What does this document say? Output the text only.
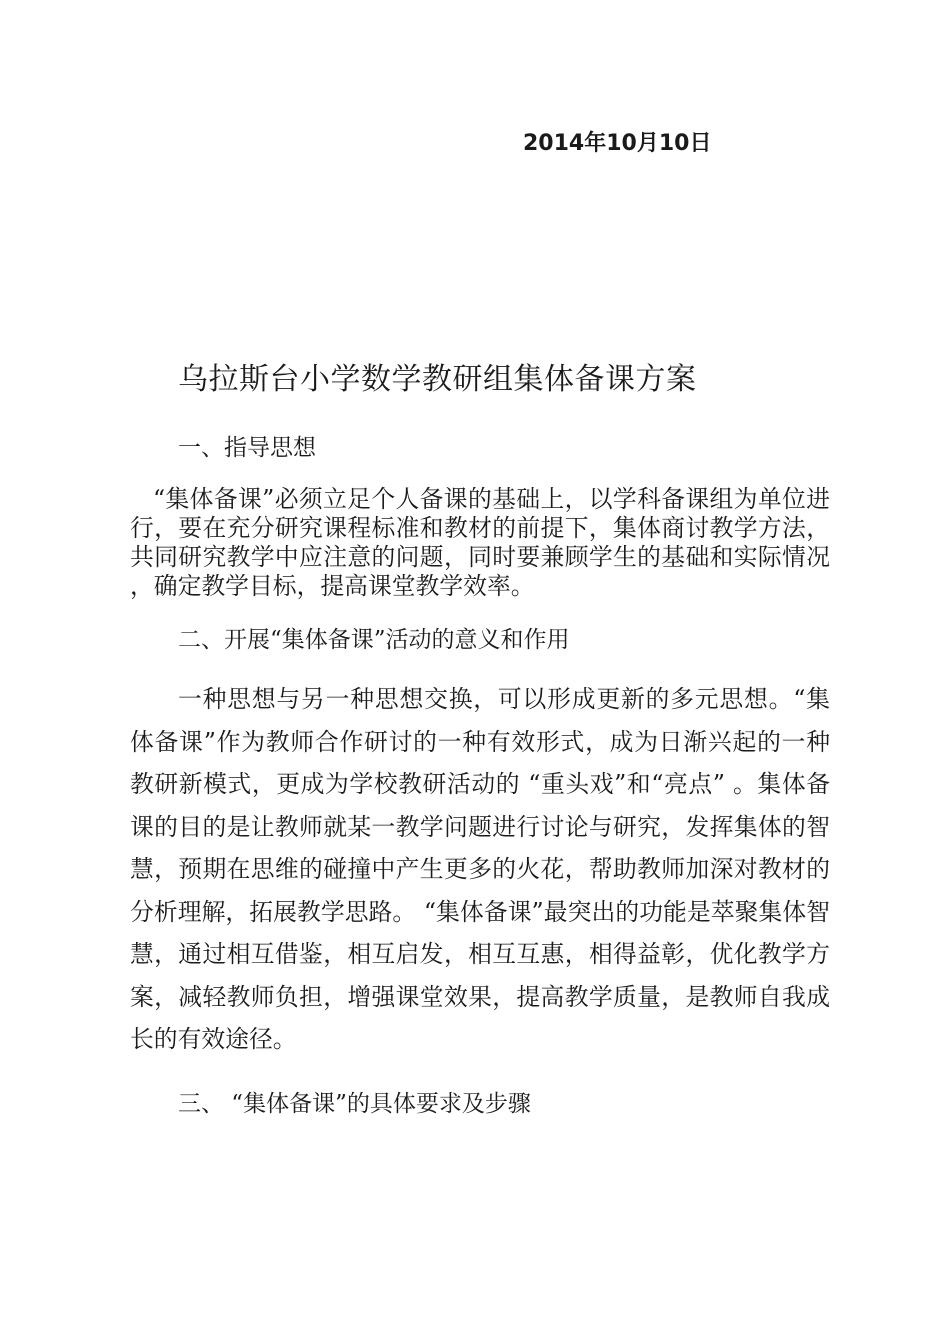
2014年10月10日
乌拉斯台小学数学教研组集体备课方案
一、指导思想

“集体备课”必须立足个人备课的基础上，以学科备课组为单位进行，要在充分研究课程标准和教材的前提下，集体商讨教学方法，共同研究教学中应注意的问题，同时要兼顾学生的基础和实际情况，确定教学目标，提高课堂教学效率。

二、开展“集体备课”活动的意义和作用

一种思想与另一种思想交换，可以形成更新的多元思想。“集体备课”作为教师合作研讨的一种有效形式，成为日渐兴起的一种教研新模式，更成为学校教研活动的 “重头戏”和“亮点” 。集体备课的目的是让教师就某一教学问题进行讨论与研究，发挥集体的智慧，预期在思维的碰撞中产生更多的火花，帮助教师加深对教材的分析理解，拓展教学思路。 “集体备课”最突出的功能是萃聚集体智慧，通过相互借鉴，相互启发，相互互惠，相得益彰，优化教学方案，减轻教师负担，增强课堂效果，提高教学质量，是教师自我成长的有效途径。

三、 “集体备课”的具体要求及步骤
